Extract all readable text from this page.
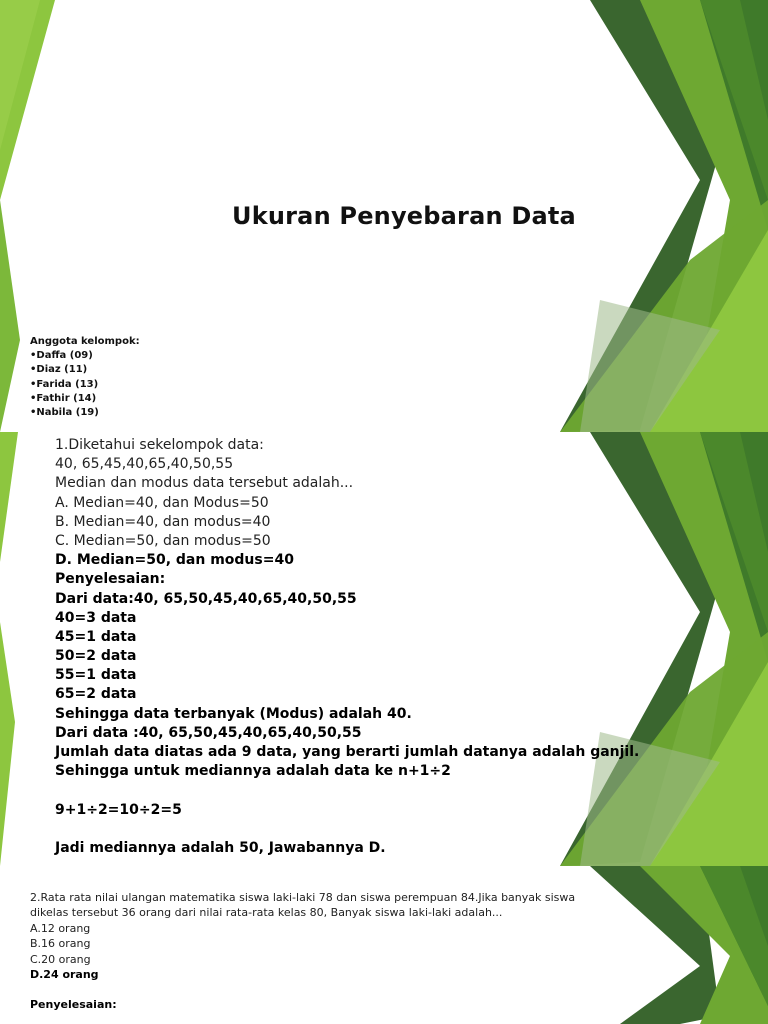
Ukuran Penyebaran Data
Anggota kelompok:
•Daffa (09)
•Diaz (11)
•Farida (13)
•Fathir (14)
•Nabila (19)
1.Diketahui sekelompok data:
40, 65,45,40,65,40,50,55
Median dan modus data tersebut adalah...
A. Median=40, dan Modus=50
B. Median=40, dan modus=40
C. Median=50, dan modus=50
D. Median=50, dan modus=40
Penyelesaian:
Dari data:40, 65,50,45,40,65,40,50,55
40=3 data
45=1 data
50=2 data
55=1 data
65=2 data
Sehingga data terbanyak (Modus) adalah 40.
Dari data :40, 65,50,45,40,65,40,50,55
Jumlah data diatas ada 9 data, yang berarti jumlah datanya adalah ganjil.
Sehingga untuk mediannya adalah data ke n+1÷2
9+1÷2=10÷2=5
Jadi mediannya adalah 50, Jawabannya D.
2.Rata rata nilai ulangan matematika siswa laki-laki 78 dan siswa perempuan 84.Jika banyak siswa
dikelas tersebut 36 orang dari nilai rata-rata kelas 80, Banyak siswa laki-laki adalah...
A.12 orang
B.16 orang
C.20 orang
D.24 orang
Penyelesaian:
